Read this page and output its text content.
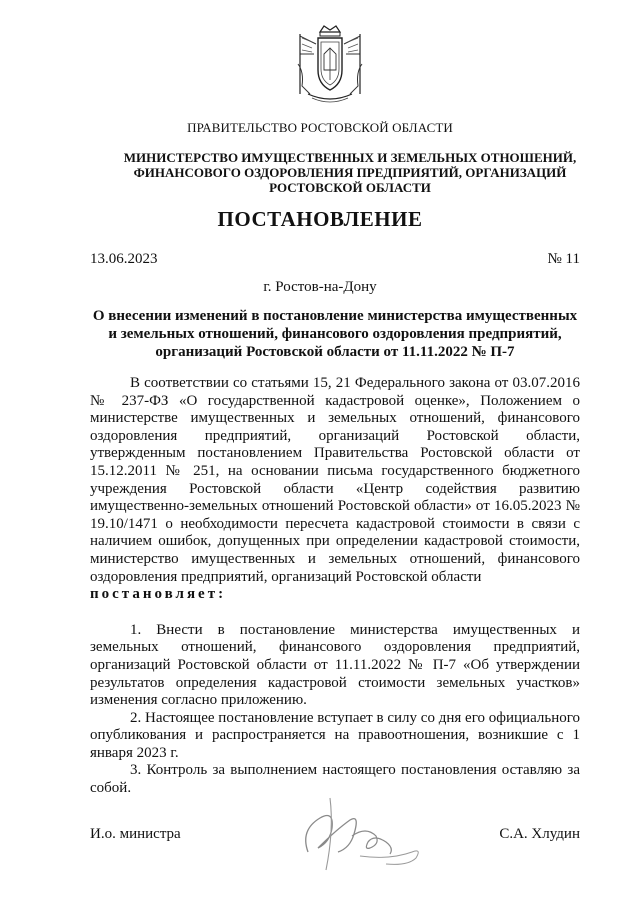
ПРАВИТЕЛЬСТВО РОСТОВСКОЙ ОБЛАСТИ
МИНИСТЕРСТВО ИМУЩЕСТВЕННЫХ И ЗЕМЕЛЬНЫХ ОТНОШЕНИЙ, ФИНАНСОВОГО ОЗДОРОВЛЕНИЯ ПРЕДПРИЯТИЙ, ОРГАНИЗАЦИЙ РОСТОВСКОЙ ОБЛАСТИ
ПОСТАНОВЛЕНИЕ
13.06.2023	№ 11
г. Ростов-на-Дону
О внесении изменений в постановление министерства имущественных и земельных отношений, финансового оздоровления предприятий, организаций Ростовской области от 11.11.2022 № П-7

В соответствии со статьями 15, 21 Федерального закона от 03.07.2016 № 237-ФЗ «О государственной кадастровой оценке», Положением о министерстве имущественных и земельных отношений, финансового оздоровления предприятий, организаций Ростовской области, утвержденным постановлением Правительства Ростовской области от 15.12.2011 № 251, на основании письма государственного бюджетного учреждения Ростовской области «Центр содействия развитию имущественно-земельных отношений Ростовской области» от 16.05.2023 № 19.10/1471 о необходимости пересчета кадастровой стоимости в связи с наличием ошибок, допущенных при определении кадастровой стоимости, министерство имущественных и земельных отношений, финансового оздоровления предприятий, организаций Ростовской области

постановляет:

1. Внести в постановление министерства имущественных и земельных отношений, финансового оздоровления предприятий, организаций Ростовской области от 11.11.2022 № П-7 «Об утверждении результатов определения кадастровой стоимости земельных участков» изменения согласно приложению.

2. Настоящее постановление вступает в силу со дня его официального опубликования и распространяется на правоотношения, возникшие с 1 января 2023 г.

3. Контроль за выполнением настоящего постановления оставляю за собой.

И.о. министра	С.А. Хлудин
